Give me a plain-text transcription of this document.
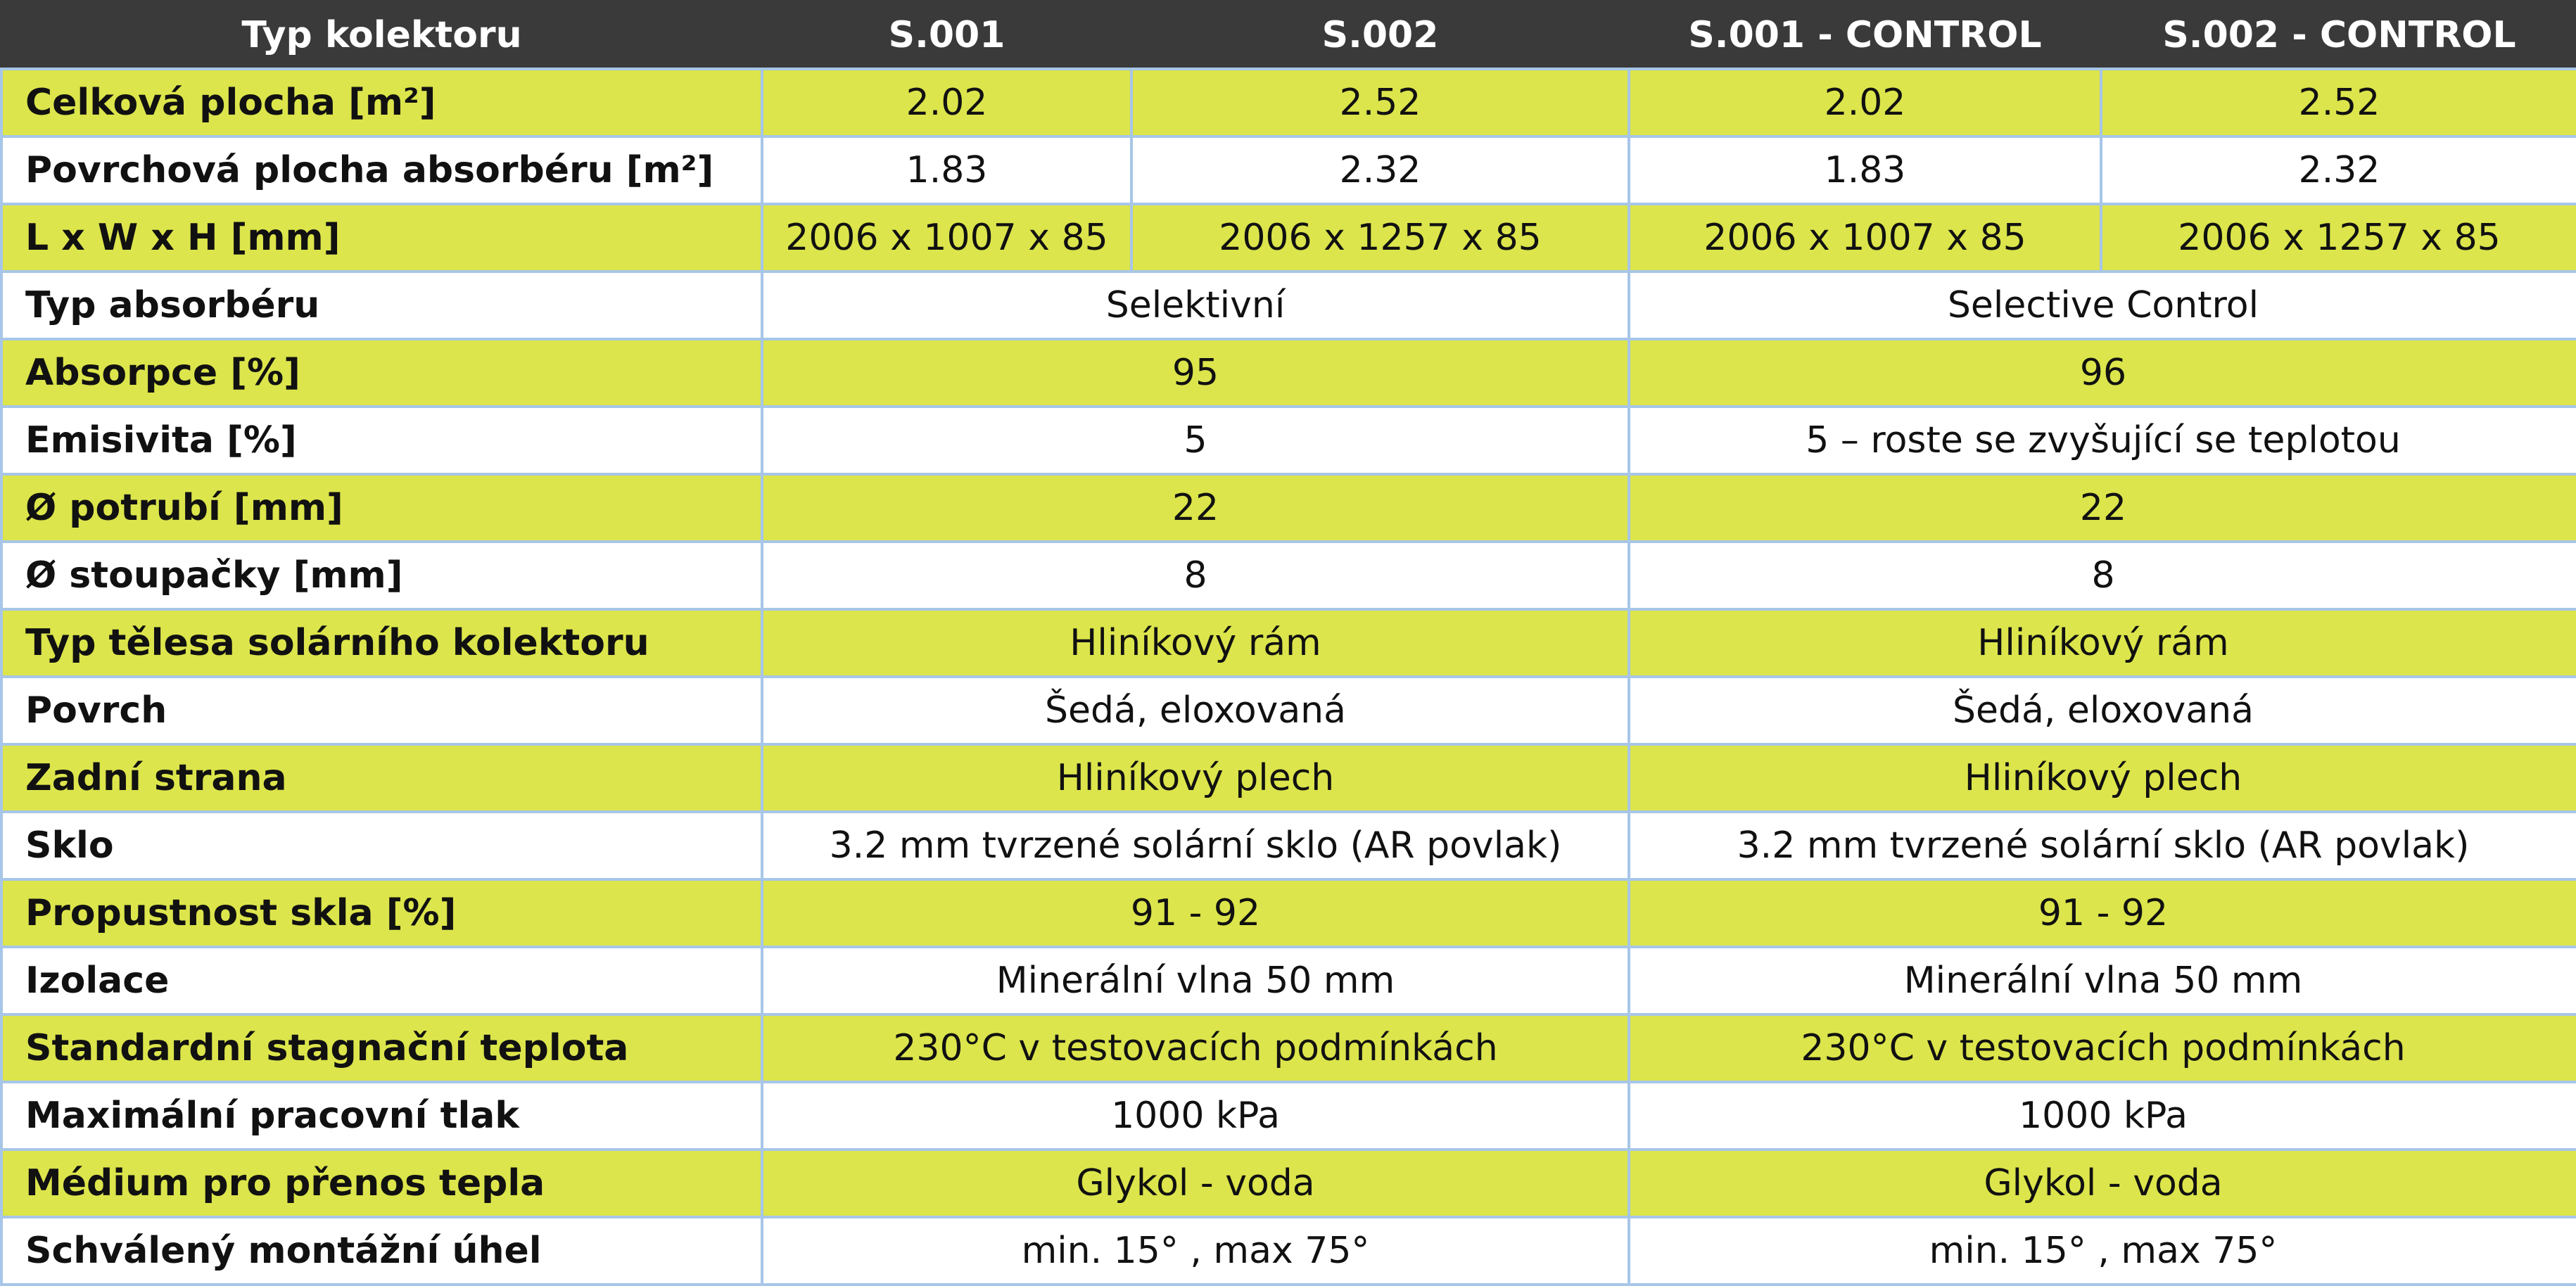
Typ kolektoru	S.001	S.002	S.001 - CONTROL	S.002 - CONTROL
Celková plocha [m²]	2.02	2.52	2.02	2.52
Povrchová plocha absorbéru [m²]	1.83	2.32	1.83	2.32
L x W x H [mm]	2006 x 1007 x 85	2006 x 1257 x 85	2006 x 1007 x 85	2006 x 1257 x 85
Typ absorbéru	Selektivní		Selective Control	
Absorpce [%]	95		96	
Emisivita [%]	5		5 – roste se zvyšující se teplotou	
Ø potrubí [mm]	22		22	
Ø stoupačky [mm]	8		8	
Typ tělesa solárního kolektoru	Hliníkový rám		Hliníkový rám	
Povrch	Šedá, eloxovaná		Šedá, eloxovaná	
Zadní strana	Hliníkový plech		Hliníkový plech	
Sklo	3.2 mm tvrzené solární sklo (AR povlak)		3.2 mm tvrzené solární sklo (AR povlak)	
Propustnost skla [%]	91 - 92		91 - 92	
Izolace	Minerální vlna 50 mm		Minerální vlna 50 mm	
Standardní stagnační teplota	230°C v testovacích podmínkách		230°C v testovacích podmínkách	
Maximální pracovní tlak	1000 kPa		1000 kPa	
Médium pro přenos tepla	Glykol - voda		Glykol - voda	
Schválený montážní úhel	min. 15° , max 75°		min. 15° , max 75°	
